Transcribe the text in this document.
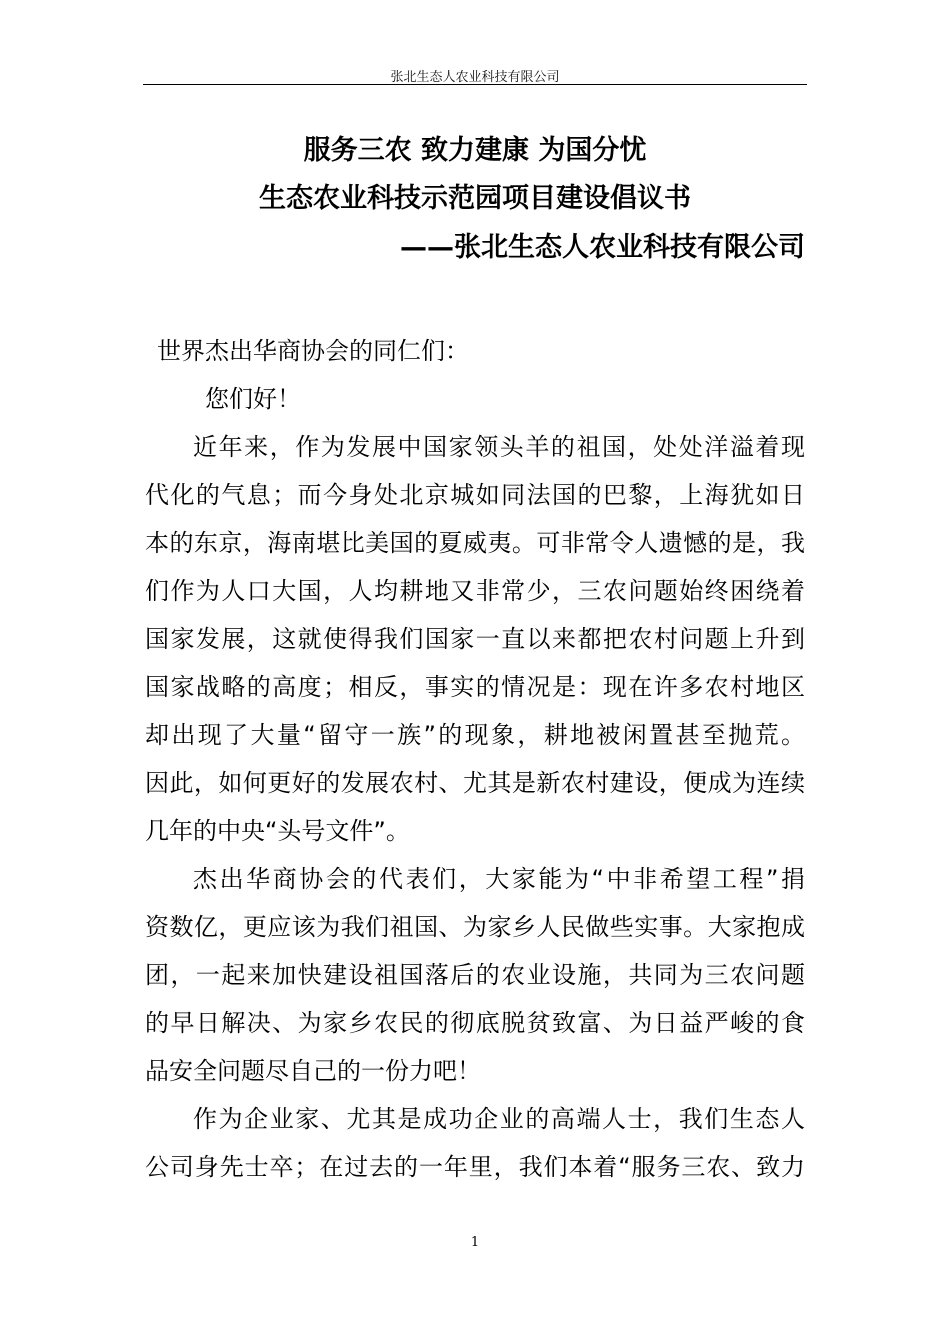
张北生态人农业科技有限公司
服务三农 致力建康 为国分忧
生态农业科技示范园项目建设倡议书
——张北生态人农业科技有限公司
世界杰出华商协会的同仁们：
您们好！
近年来，作为发展中国家领头羊的祖国，处处洋溢着现
代化的气息；而今身处北京城如同法国的巴黎，上海犹如日
本的东京，海南堪比美国的夏威夷。可非常令人遗憾的是，我
们作为人口大国，人均耕地又非常少，三农问题始终困绕着
国家发展，这就使得我们国家一直以来都把农村问题上升到
国家战略的高度；相反，事实的情况是：现在许多农村地区
却出现了大量“留守一族”的现象，耕地被闲置甚至抛荒。
因此，如何更好的发展农村、尤其是新农村建设，便成为连续
几年的中央“头号文件”。
杰出华商协会的代表们，大家能为“中非希望工程”捐
资数亿，更应该为我们祖国、为家乡人民做些实事。大家抱成
团，一起来加快建设祖国落后的农业设施，共同为三农问题
的早日解决、为家乡农民的彻底脱贫致富、为日益严峻的食
品安全问题尽自己的一份力吧！
作为企业家、尤其是成功企业的高端人士，我们生态人
公司身先士卒；在过去的一年里，我们本着“服务三农、致力
1
